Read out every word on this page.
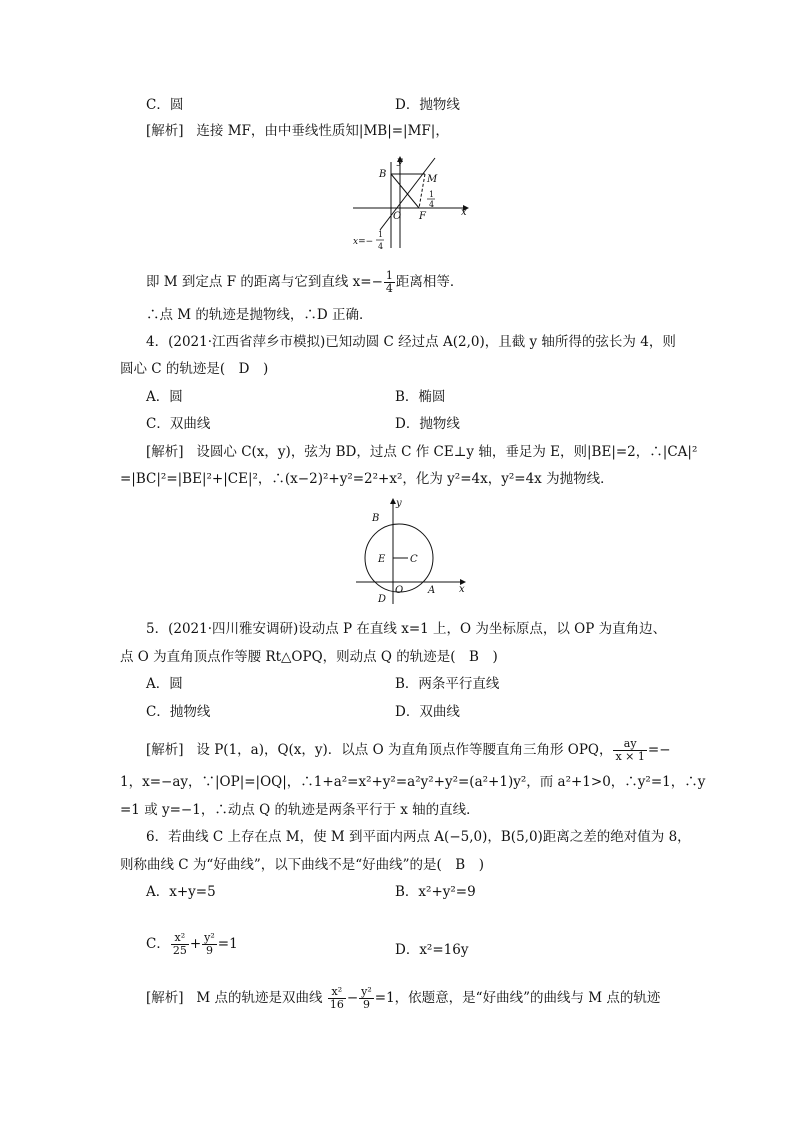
C．圆	D．抛物线
[解析] 连接 MF，由中垂线性质知|MB|=|MF|，
B
y
M
O F	x
1
4
x=−
1
4
即 M 到定点 F 的距离与它到直线 $x=- \frac{1}{4}$ 距离相等．
∴点 M 的轨迹是抛物线，∴D 正确．
4．(2021·江西省萍乡市模拟)已知动圆 C 经过点 A(2,0)，且截 y 轴所得的弦长为 4，则
圆心 C 的轨迹是(　D　)
A．圆	B．椭圆
C．双曲线	D．抛物线
[解析] 设圆心 C(x，y)，弦为 BD，过点 C 作 CE⊥y 轴，垂足为 E，则|BE|=2，∴|CA|²
=|BC|²=|BE|²+|CE|²，∴(x−2)²+y²=2²+x²，化为 y²=4x，y²=4x 为抛物线．
y
B
E C
O A x
D
5．(2021·四川雅安调研)设动点 P 在直线 x=1 上，O 为坐标原点，以 OP 为直角边、
点 O 为直角顶点作等腰 Rt△OPQ，则动点 Q 的轨迹是(　B　)
A．圆	B．两条平行直线
C．抛物线	D．双曲线
[解析] 设 P(1，a)，Q(x，y)．以点 O 为直角顶点作等腰直角三角形 OPQ， $\frac{ay}{x \times 1}$ =−
1，x=−ay，∵|OP|=|OQ|，∴1+a²=x²+y²=a²y²+y²=(a²+1)y²，而 a²+1>0，∴y²=1，∴y
=1 或 y=−1，∴动点 Q 的轨迹是两条平行于 x 轴的直线．
6．若曲线 C 上存在点 M，使 M 到平面内两点 A(−5,0)，B(5,0)距离之差的绝对值为 8，
则称曲线 C 为“好曲线”，以下曲线不是“好曲线”的是(　B　)
A．x+y=5	B．x²+y²=9
C． $\frac{\text{x²}}{25} + \frac{\text{y²}}{9} =1$	D．x²=16y
[解析] M 点的轨迹是双曲线 $\frac{\text{x²}}{16} - \frac{\text{y²}}{9} =1$，依题意，是“好曲线”的曲线与 M 点的轨迹
